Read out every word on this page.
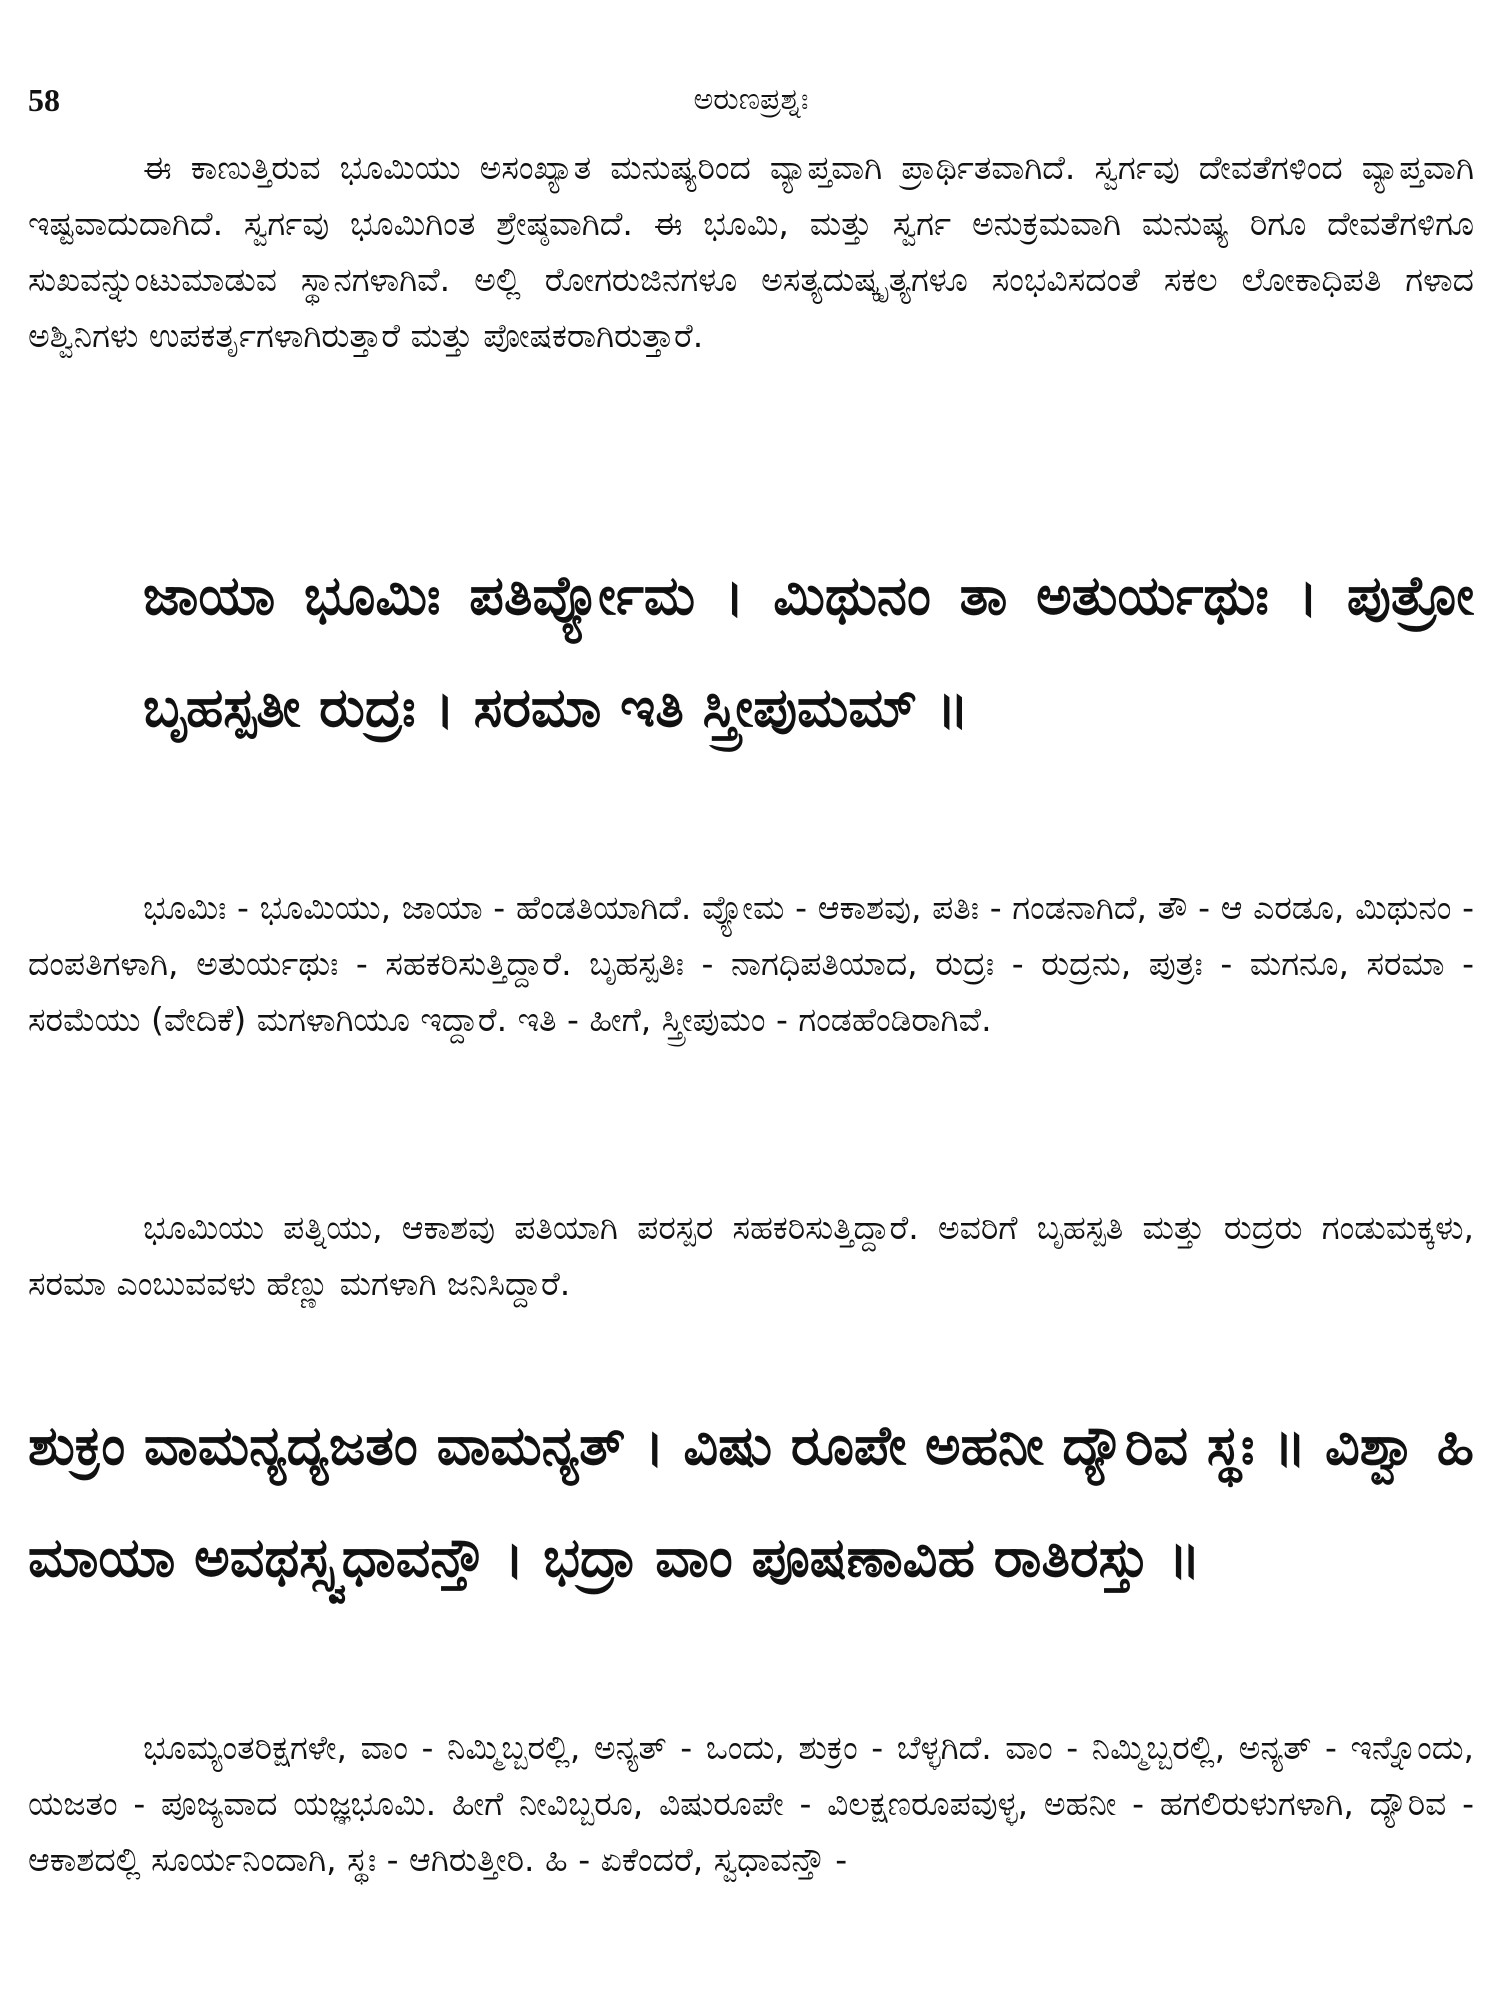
58	ಅರುಣಪ್ರಶ್ನಃ

ಈ ಕಾಣುತ್ತಿರುವ ಭೂಮಿಯು ಅಸಂಖ್ಯಾತ ಮನುಷ್ಯರಿಂದ ವ್ಯಾಪ್ತವಾಗಿ ಪ್ರಾರ್ಥಿತವಾಗಿದೆ. ಸ್ವರ್ಗವು ದೇವತೆಗಳಿಂದ ವ್ಯಾಪ್ತವಾಗಿ ಇಷ್ಟವಾದುದಾಗಿದೆ. ಸ್ವರ್ಗವು ಭೂಮಿಗಿಂತ ಶ್ರೇಷ್ಠವಾಗಿದೆ. ಈ ಭೂಮಿ, ಮತ್ತು ಸ್ವರ್ಗ ಅನುಕ್ರಮವಾಗಿ ಮನುಷ್ಯ ರಿಗೂ ದೇವತೆಗಳಿಗೂ ಸುಖವನ್ನುಂಟುಮಾಡುವ ಸ್ಥಾನಗಳಾಗಿವೆ. ಅಲ್ಲಿ ರೋಗರುಜಿನಗಳೂ ಅಸತ್ಯದುಷ್ಕೃತ್ಯಗಳೂ ಸಂಭವಿಸದಂತೆ ಸಕಲ ಲೋಕಾಧಿಪತಿ ಗಳಾದ ಅಶ್ವಿನಿಗಳು ಉಪಕರ್ತೃಗಳಾಗಿರುತ್ತಾರೆ ಮತ್ತು ಪೋಷಕರಾಗಿರುತ್ತಾರೆ.

ಜಾಯಾ ಭೂಮಿಃ ಪತಿರ್ವ್ಯೋಮ । ಮಿಥುನಂ ತಾ ಅತುರ್ಯಥುಃ । ಪುತ್ರೋ ಬೃಹಸ್ಪತೀ ರುದ್ರಃ । ಸರಮಾ ಇತಿ ಸ್ತ್ರೀಪುಮಮ್ ॥

ಭೂಮಿಃ - ಭೂಮಿಯು, ಜಾಯಾ - ಹೆಂಡತಿಯಾಗಿದೆ. ವ್ಯೋಮ - ಆಕಾಶವು, ಪತಿಃ - ಗಂಡನಾಗಿದೆ, ತೌ - ಆ ಎರಡೂ, ಮಿಥುನಂ - ದಂಪತಿಗಳಾಗಿ, ಅತುರ್ಯಥುಃ - ಸಹಕರಿಸುತ್ತಿದ್ದಾರೆ. ಬೃಹಸ್ಪತಿಃ - ನಾಗಧಿಪತಿಯಾದ, ರುದ್ರಃ - ರುದ್ರನು, ಪುತ್ರಃ - ಮಗನೂ, ಸರಮಾ - ಸರಮೆಯು (ವೇದಿಕೆ) ಮಗಳಾಗಿಯೂ ಇದ್ದಾರೆ. ಇತಿ - ಹೀಗೆ, ಸ್ತ್ರೀಪುಮಂ - ಗಂಡಹೆಂಡಿರಾಗಿವೆ.

ಭೂಮಿಯು ಪತ್ನಿಯು, ಆಕಾಶವು ಪತಿಯಾಗಿ ಪರಸ್ಪರ ಸಹಕರಿಸುತ್ತಿದ್ದಾರೆ. ಅವರಿಗೆ ಬೃಹಸ್ಪತಿ ಮತ್ತು ರುದ್ರರು ಗಂಡುಮಕ್ಕಳು, ಸರಮಾ ಎಂಬುವವಳು ಹೆಣ್ಣು ಮಗಳಾಗಿ ಜನಿಸಿದ್ದಾರೆ.

ಶುಕ್ರಂ ವಾಮನ್ಯದ್ಯಜತಂ ವಾಮನ್ಯತ್ । ವಿಷು ರೂಪೇ ಅಹನೀ ದ್ಯೌರಿವ ಸ್ಥಃ ॥ ವಿಶ್ವಾ ಹಿ ಮಾಯಾ ಅವಥಸ್ಸ್ವಧಾವನ್ತೌ । ಭದ್ರಾ ವಾಂ ಪೂಷಣಾವಿಹ ರಾತಿರಸ್ತು ॥

ಭೂಮ್ಯಂತರಿಕ್ಷಗಳೇ, ವಾಂ - ನಿಮ್ಮಿಬ್ಬರಲ್ಲಿ, ಅನ್ಯತ್ - ಒಂದು, ಶುಕ್ರಂ - ಬೆಳ್ಳಗಿದೆ. ವಾಂ - ನಿಮ್ಮಿಬ್ಬರಲ್ಲಿ, ಅನ್ಯತ್ - ಇನ್ನೊಂದು, ಯಜತಂ - ಪೂಜ್ಯವಾದ ಯಜ್ಞಭೂಮಿ. ಹೀಗೆ ನೀವಿಬ್ಬರೂ, ವಿಷುರೂಪೇ - ವಿಲಕ್ಷಣರೂಪವುಳ್ಳ, ಅಹನೀ - ಹಗಲಿರುಳುಗಳಾಗಿ, ದ್ಯೌರಿವ - ಆಕಾಶದಲ್ಲಿ ಸೂರ್ಯನಿಂದಾಗಿ, ಸ್ಥಃ - ಆಗಿರುತ್ತೀರಿ. ಹಿ - ಏಕೆಂದರೆ, ಸ್ವಧಾವನ್ತೌ -
